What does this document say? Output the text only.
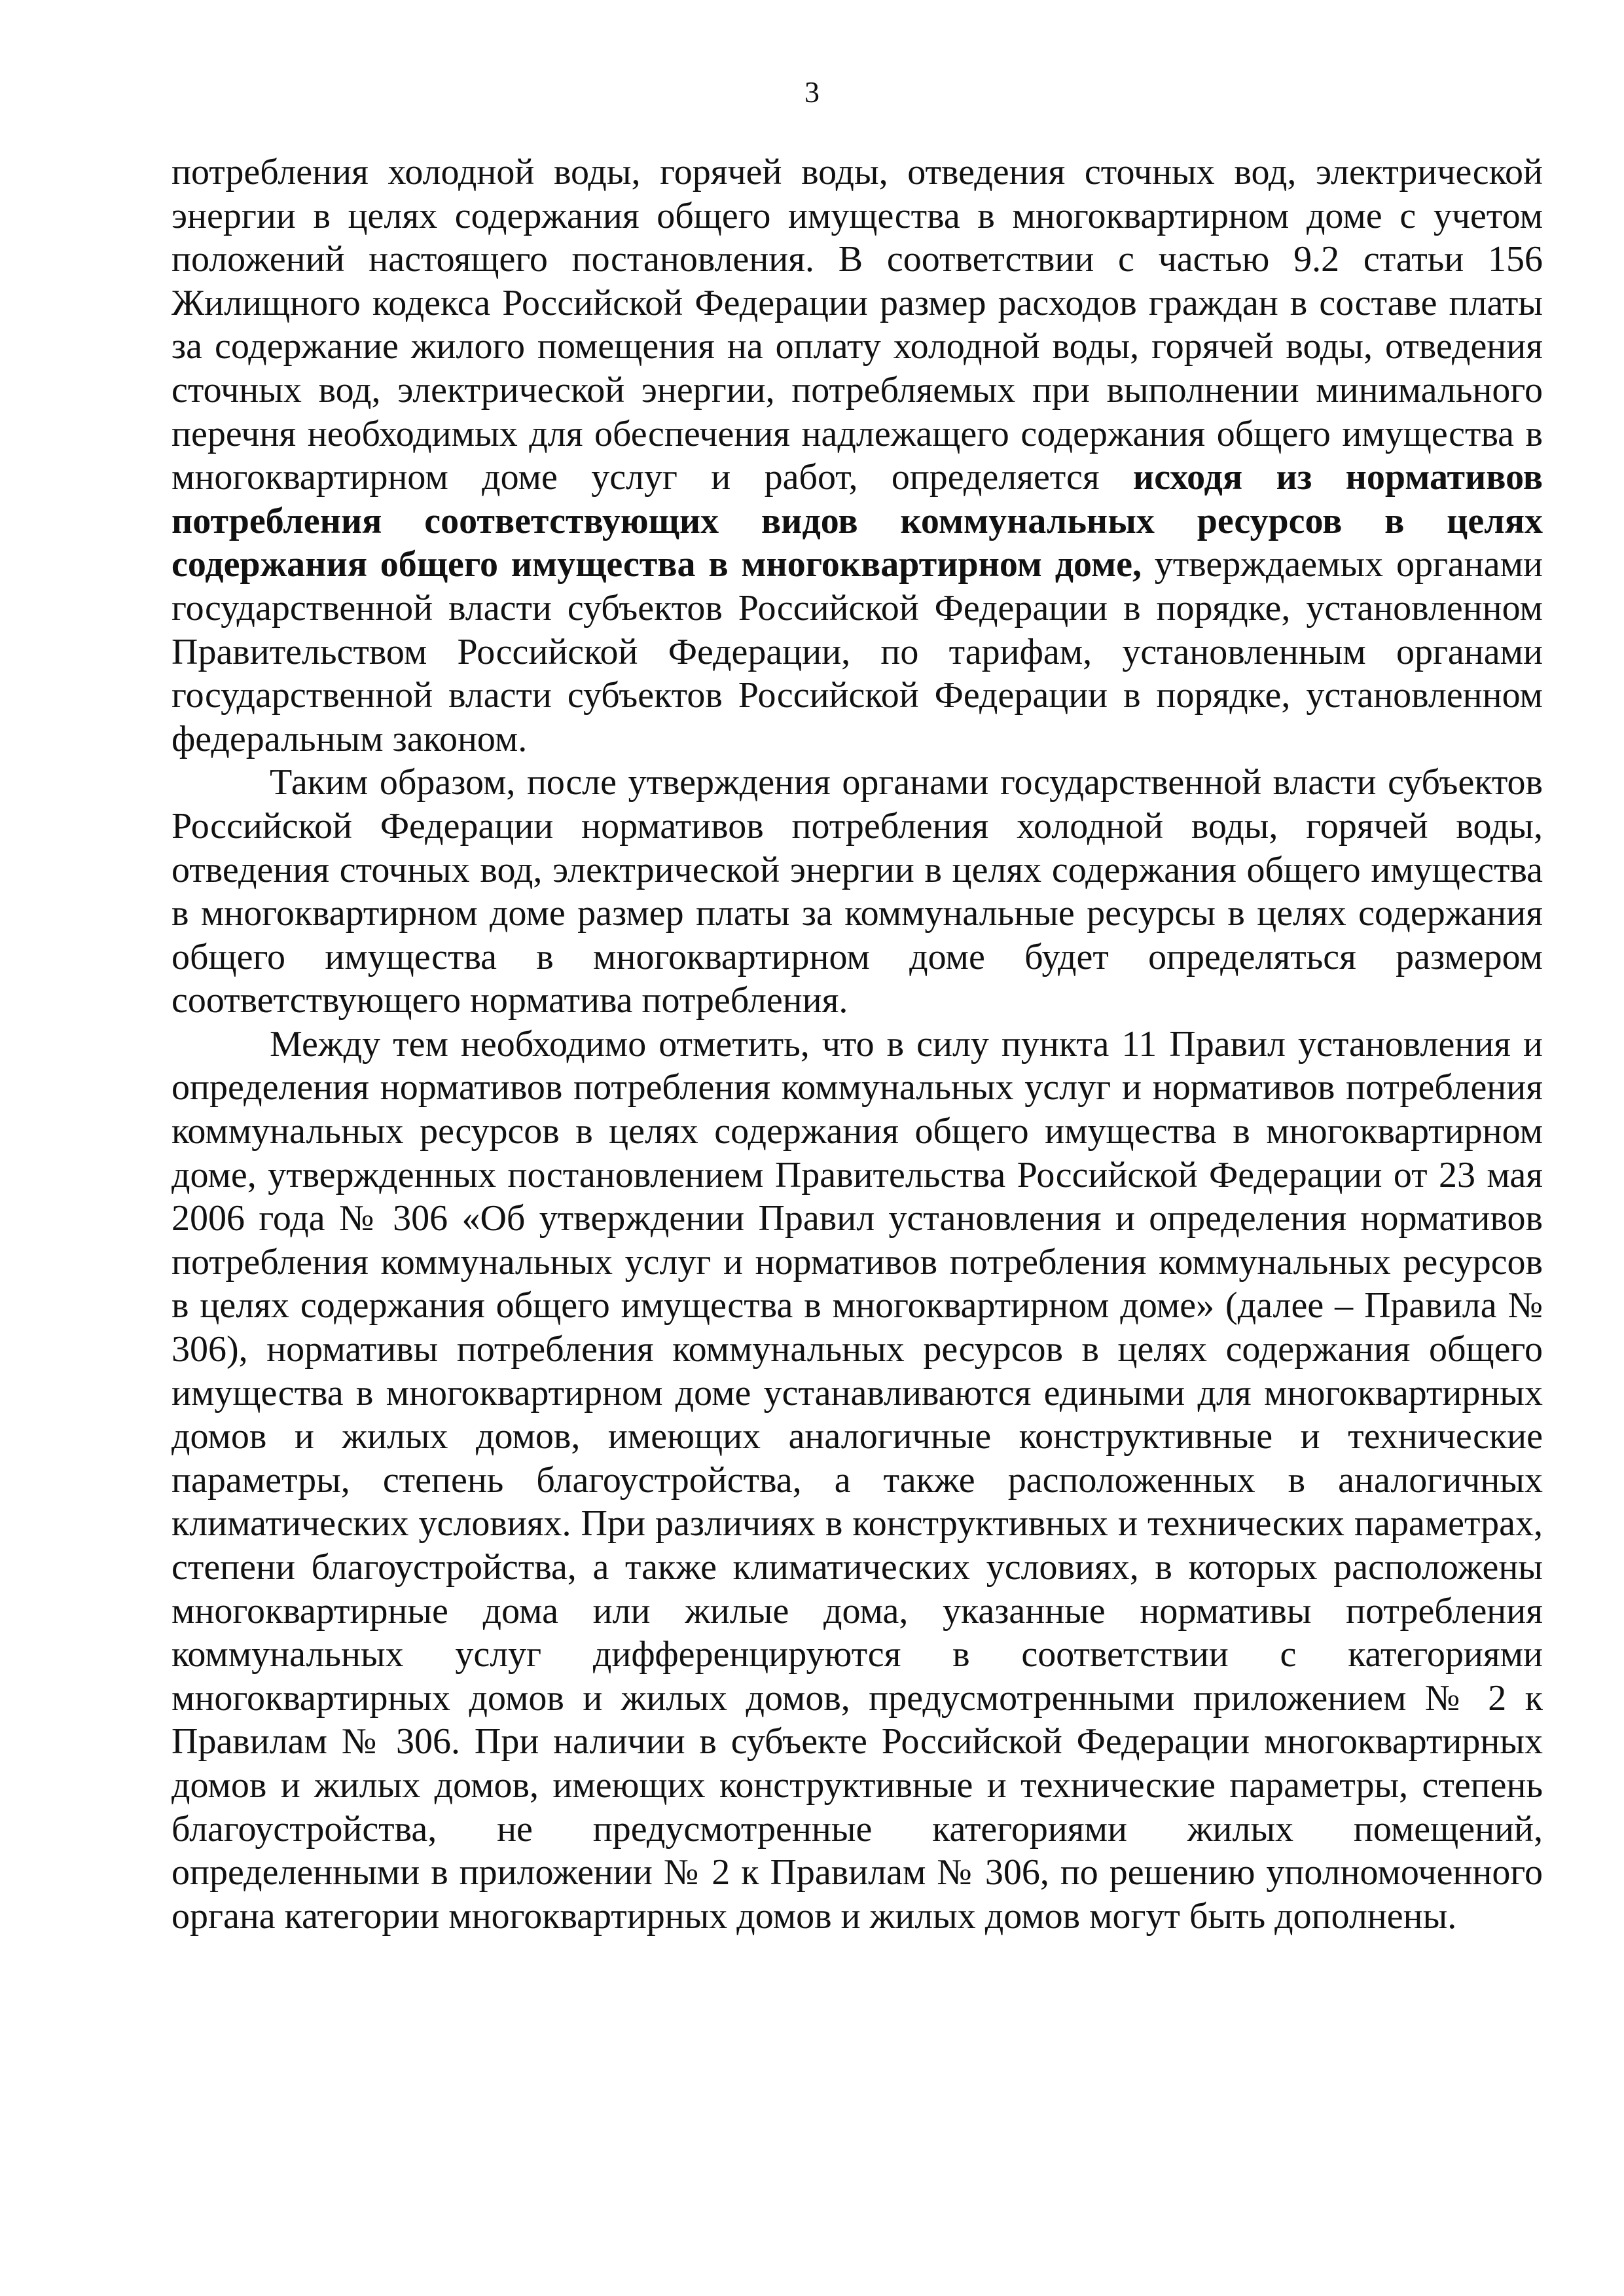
3

потребления холодной воды, горячей воды, отведения сточных вод, электрической энергии в целях содержания общего имущества в многоквартирном доме с учетом положений настоящего постановления. В соответствии с частью 9.2 статьи 156 Жилищного кодекса Российской Федерации размер расходов граждан в составе платы за содержание жилого помещения на оплату холодной воды, горячей воды, отведения сточных вод, электрической энергии, потребляемых при выполнении минимального перечня необходимых для обеспечения надлежащего содержания общего имущества в многоквартирном доме услуг и работ, определяется исходя из нормативов потребления соответствующих видов коммунальных ресурсов в целях содержания общего имущества в многоквартирном доме, утверждаемых органами государственной власти субъектов Российской Федерации в порядке, установленном Правительством Российской Федерации, по тарифам, установленным органами государственной власти субъектов Российской Федерации в порядке, установленном федеральным законом.

Таким образом, после утверждения органами государственной власти субъектов Российской Федерации нормативов потребления холодной воды, горячей воды, отведения сточных вод, электрической энергии в целях содержания общего имущества в многоквартирном доме размер платы за коммунальные ресурсы в целях содержания общего имущества в многоквартирном доме будет определяться размером соответствующего норматива потребления.

Между тем необходимо отметить, что в силу пункта 11 Правил установления и определения нормативов потребления коммунальных услуг и нормативов потребления коммунальных ресурсов в целях содержания общего имущества в многоквартирном доме, утвержденных постановлением Правительства Российской Федерации от 23 мая 2006 года № 306 «Об утверждении Правил установления и определения нормативов потребления коммунальных услуг и нормативов потребления коммунальных ресурсов в целях содержания общего имущества в многоквартирном доме» (далее – Правила № 306), нормативы потребления коммунальных ресурсов в целях содержания общего имущества в многоквартирном доме устанавливаются едиными для многоквартирных домов и жилых домов, имеющих аналогичные конструктивные и технические параметры, степень благоустройства, а также расположенных в аналогичных климатических условиях. При различиях в конструктивных и технических параметрах, степени благоустройства, а также климатических условиях, в которых расположены многоквартирные дома или жилые дома, указанные нормативы потребления коммунальных услуг дифференцируются в соответствии с категориями многоквартирных домов и жилых домов, предусмотренными приложением № 2 к Правилам № 306. При наличии в субъекте Российской Федерации многоквартирных домов и жилых домов, имеющих конструктивные и технические параметры, степень благоустройства, не предусмотренные категориями жилых помещений, определенными в приложении № 2 к Правилам № 306, по решению уполномоченного органа категории многоквартирных домов и жилых домов могут быть дополнены.
